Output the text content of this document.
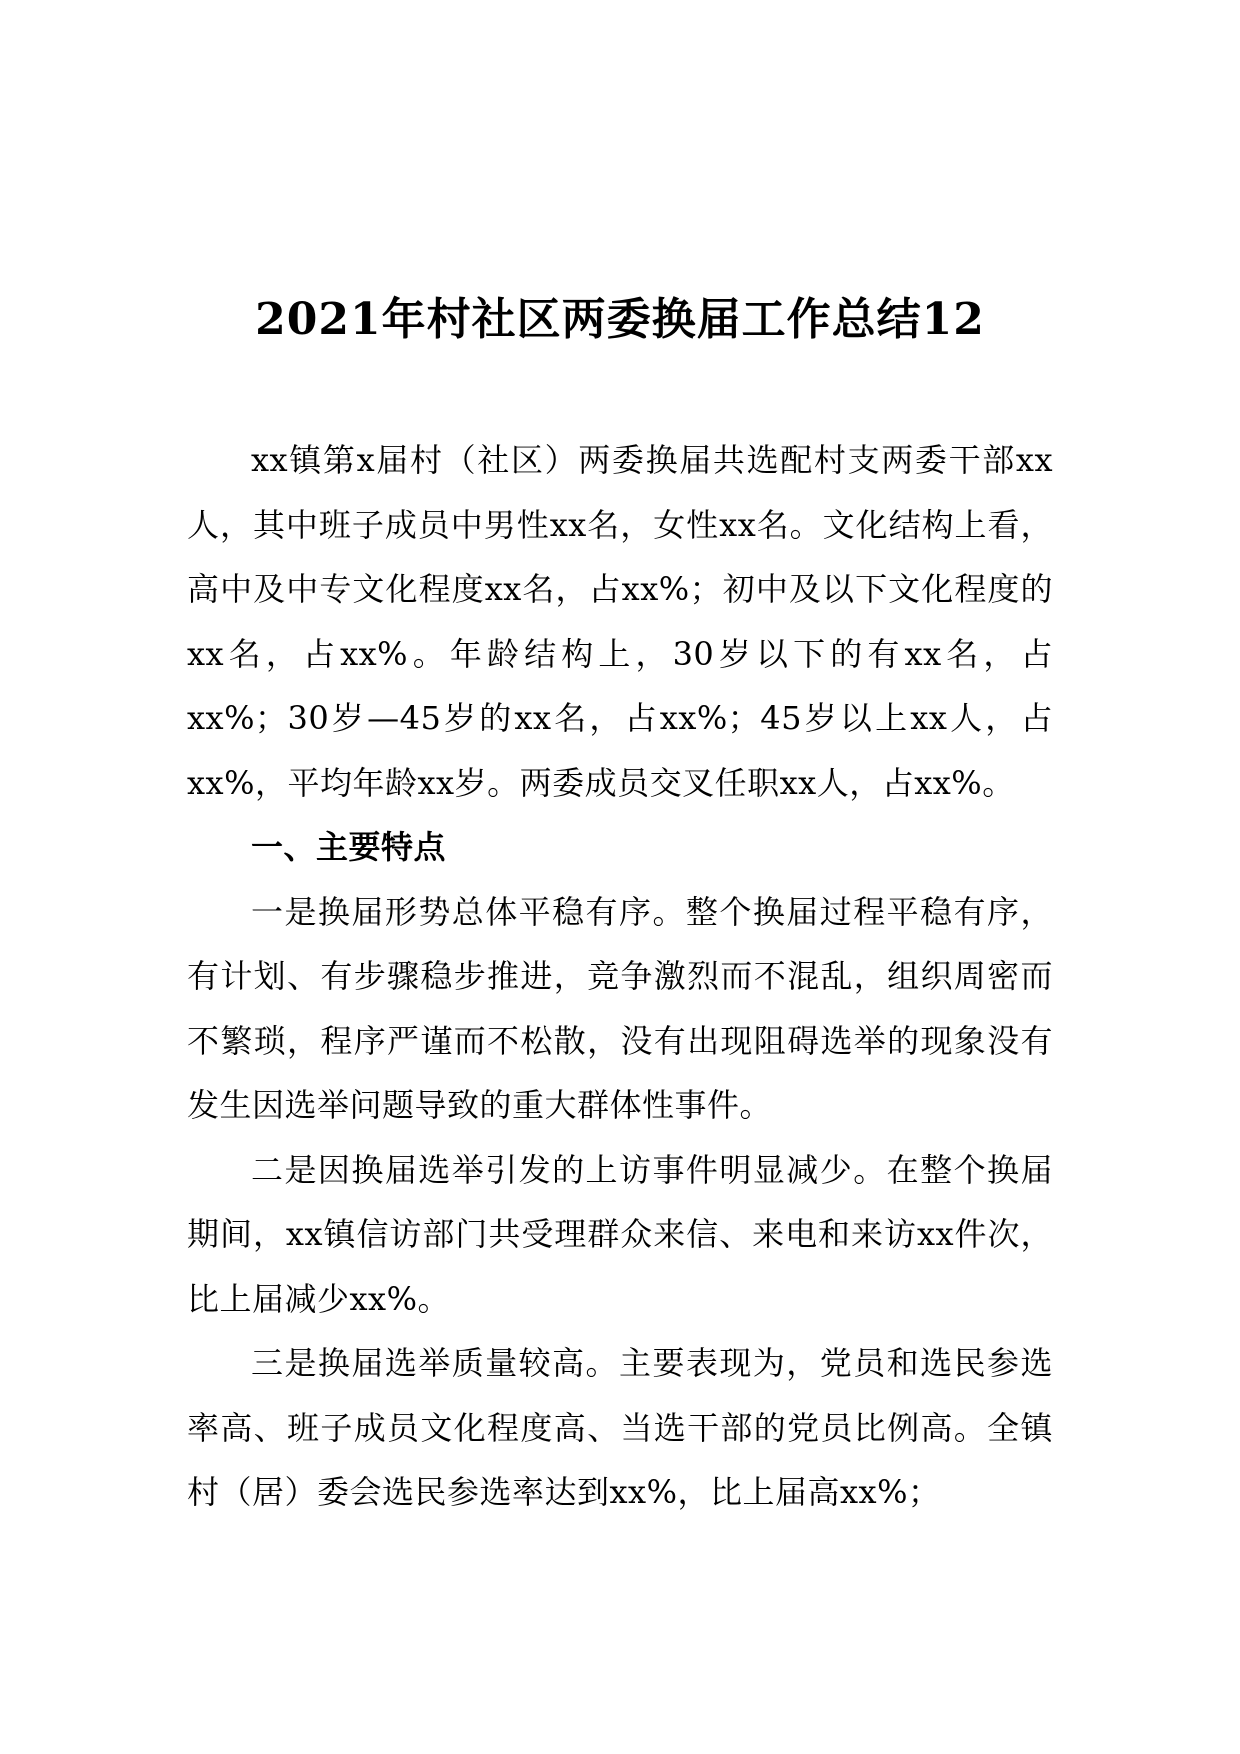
2021年村社区两委换届工作总结12

xx镇第x届村（社区）两委换届共选配村支两委干部xx人，其中班子成员中男性xx名，女性xx名。文化结构上看，高中及中专文化程度xx名，占xx%；初中及以下文化程度的xx名，占xx%。年龄结构上，30岁以下的有xx名，占xx%；30岁—45岁的xx名，占xx%；45岁以上xx人，占xx%，平均年龄xx岁。两委成员交叉任职xx人，占xx%。

一、主要特点

一是换届形势总体平稳有序。整个换届过程平稳有序，有计划、有步骤稳步推进，竞争激烈而不混乱，组织周密而不繁琐，程序严谨而不松散，没有出现阻碍选举的现象没有发生因选举问题导致的重大群体性事件。

二是因换届选举引发的上访事件明显减少。在整个换届期间，xx镇信访部门共受理群众来信、来电和来访xx件次，比上届减少xx%。

三是换届选举质量较高。主要表现为，党员和选民参选率高、班子成员文化程度高、当选干部的党员比例高。全镇村（居）委会选民参选率达到xx%，比上届高xx%；
